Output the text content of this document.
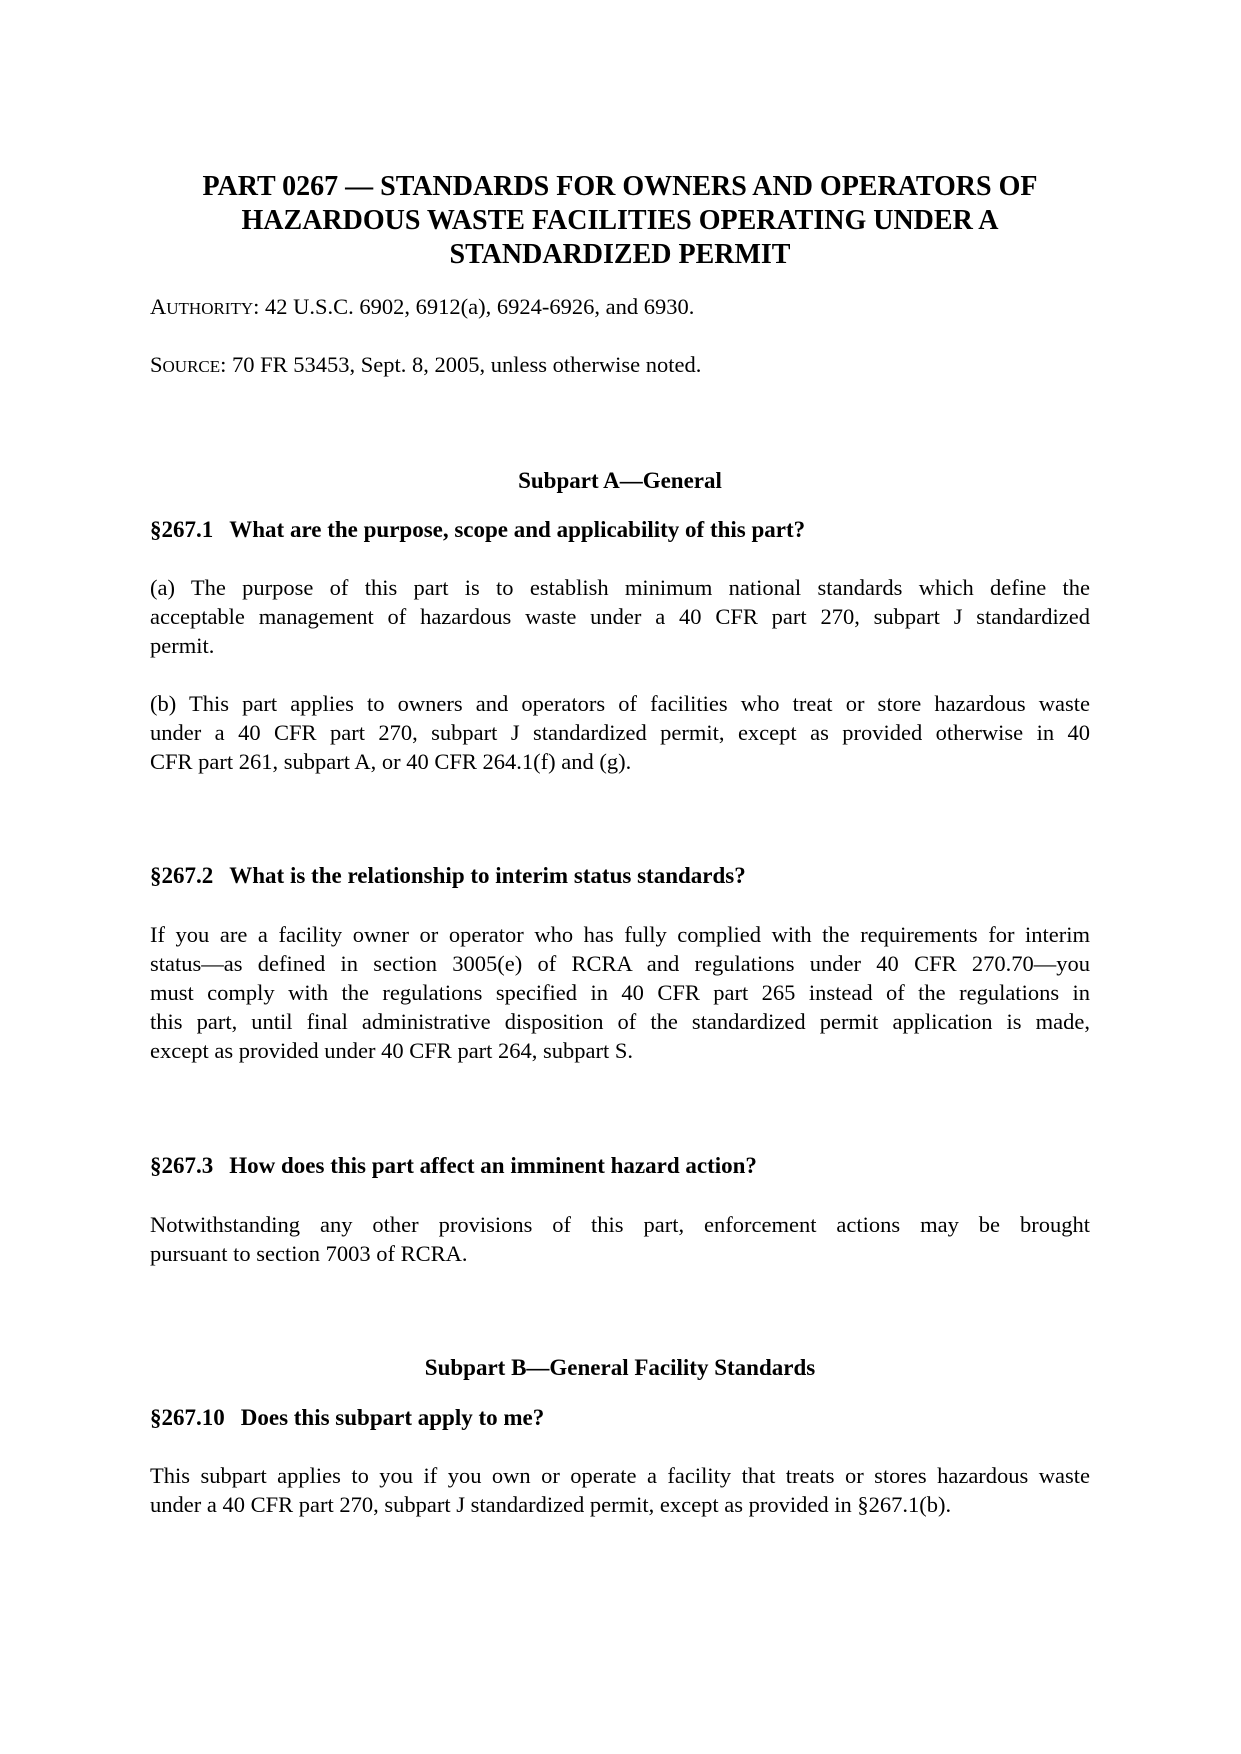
PART 0267 — STANDARDS FOR OWNERS AND OPERATORS OF
HAZARDOUS WASTE FACILITIES OPERATING UNDER A
STANDARDIZED PERMIT
AUTHORITY: 42 U.S.C. 6902, 6912(a), 6924-6926, and 6930.
SOURCE: 70 FR 53453, Sept. 8, 2005, unless otherwise noted.
Subpart A—General
§267.1 What are the purpose, scope and applicability of this part?
(a) The purpose of this part is to establish minimum national standards which define the
acceptable management of hazardous waste under a 40 CFR part 270, subpart J standardized
permit.
(b) This part applies to owners and operators of facilities who treat or store hazardous waste
under a 40 CFR part 270, subpart J standardized permit, except as provided otherwise in 40
CFR part 261, subpart A, or 40 CFR 264.1(f) and (g).
§267.2 What is the relationship to interim status standards?
If you are a facility owner or operator who has fully complied with the requirements for interim
status—as defined in section 3005(e) of RCRA and regulations under 40 CFR 270.70—you
must comply with the regulations specified in 40 CFR part 265 instead of the regulations in
this part, until final administrative disposition of the standardized permit application is made,
except as provided under 40 CFR part 264, subpart S.
§267.3 How does this part affect an imminent hazard action?
Notwithstanding any other provisions of this part, enforcement actions may be brought
pursuant to section 7003 of RCRA.
Subpart B—General Facility Standards
§267.10 Does this subpart apply to me?
This subpart applies to you if you own or operate a facility that treats or stores hazardous waste
under a 40 CFR part 270, subpart J standardized permit, except as provided in §267.1(b).
